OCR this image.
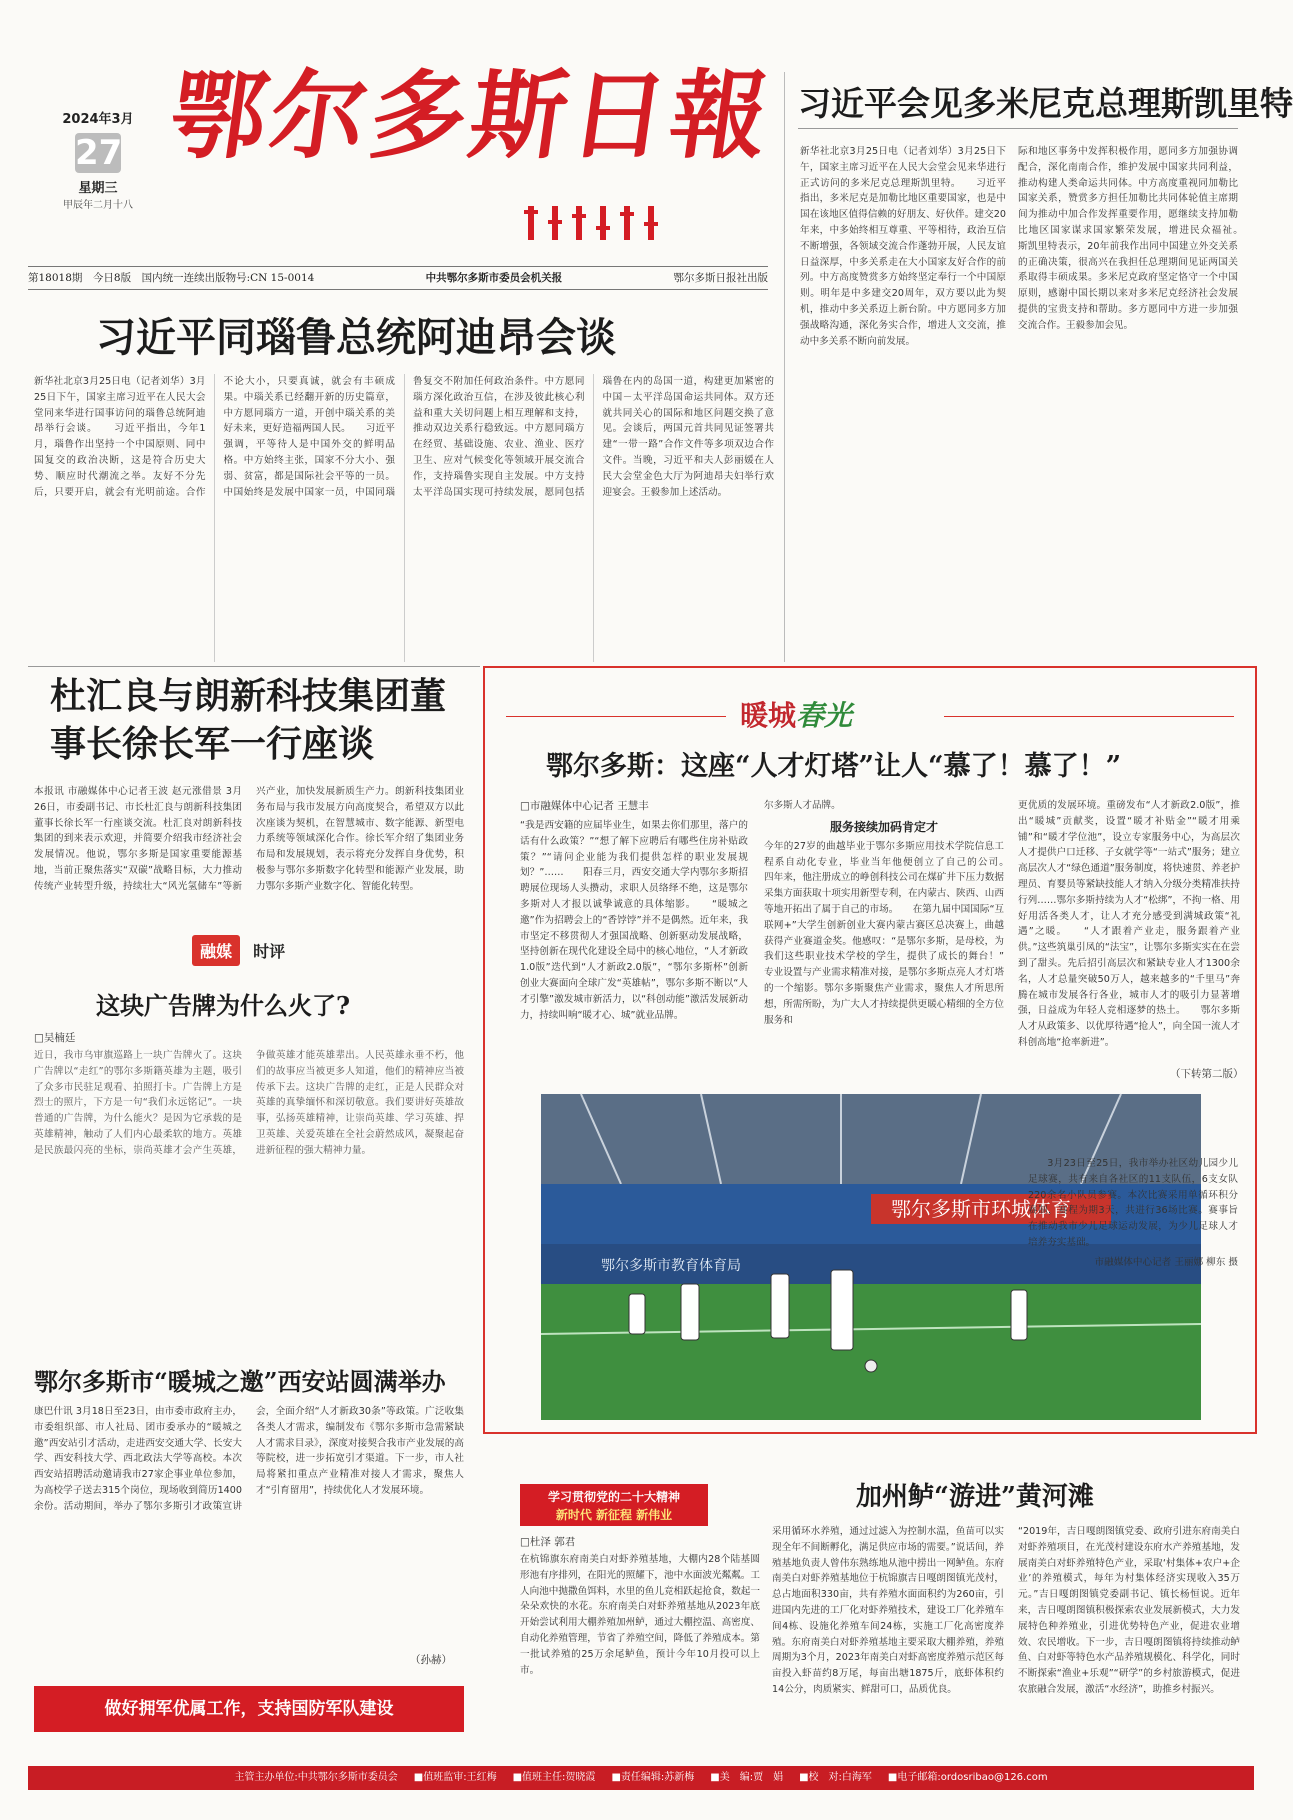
2024年3月
27
星期三
甲辰年二月十八
鄂尔多斯日報
第18018期　今日8版　国内统一连续出版物号:CN 15-0014	中共鄂尔多斯市委员会机关报	鄂尔多斯日报社出版
习近平会见多米尼克总理斯凯里特
新华社北京3月25日电（记者刘华）3月25日下午，国家主席习近平在人民大会堂会见来华进行正式访问的多米尼克总理斯凯里特。　　习近平指出，多米尼克是加勒比地区重要国家，也是中国在该地区值得信赖的好朋友、好伙伴。建交20年来，中多始终相互尊重、平等相待，政治互信不断增强，各领域交流合作蓬勃开展，人民友谊日益深厚，中多关系走在大小国家友好合作的前列。中方高度赞赏多方始终坚定奉行一个中国原则。明年是中多建交20周年，双方要以此为契机，推动中多关系迈上新台阶。中方愿同多方加强战略沟通，深化务实合作，增进人文交流，推动中多关系不断向前发展。
际和地区事务中发挥积极作用，愿同多方加强协调配合，深化南南合作，维护发展中国家共同利益，推动构建人类命运共同体。中方高度重视同加勒比国家关系，赞赏多方担任加勒比共同体轮值主席期间为推动中加合作发挥重要作用，愿继续支持加勒比地区国家谋求国家繁荣发展，增进民众福祉。　　斯凯里特表示，20年前我作出同中国建立外交关系的正确决策，很高兴在我担任总理期间见证两国关系取得丰硕成果。多米尼克政府坚定恪守一个中国原则，感谢中国长期以来对多米尼克经济社会发展提供的宝贵支持和帮助。多方愿同中方进一步加强交流合作。王毅参加会见。
习近平同瑙鲁总统阿迪昂会谈
新华社北京3月25日电（记者刘华）3月25日下午，国家主席习近平在人民大会堂同来华进行国事访问的瑙鲁总统阿迪昂举行会谈。　　习近平指出，今年1月，瑙鲁作出坚持一个中国原则、同中国复交的政治决断，这是符合历史大势、顺应时代潮流之举。友好不分先后，只要开启，就会有光明前途。合作不论大小，只要真诚，就会有丰硕成果。中瑙关系已经翻开新的历史篇章，中方愿同瑙方一道，开创中瑙关系的美好未来，更好造福两国人民。　　习近平强调，平等待人是中国外交的鲜明品格。中方始终主张，国家不分大小、强弱、贫富，都是国际社会平等的一员。中国始终是发展中国家一员，中国同瑙鲁复交不附加任何政治条件。中方愿同瑙方深化政治互信，在涉及彼此核心利益和重大关切问题上相互理解和支持，推动双边关系行稳致远。中方愿同瑙方在经贸、基础设施、农业、渔业、医疗卫生、应对气候变化等领域开展交流合作，支持瑙鲁实现自主发展。中方支持太平洋岛国实现可持续发展，愿同包括瑙鲁在内的岛国一道，构建更加紧密的中国－太平洋岛国命运共同体。双方还就共同关心的国际和地区问题交换了意见。会谈后，两国元首共同见证签署共建“一带一路”合作文件等多项双边合作文件。当晚，习近平和夫人彭丽媛在人民大会堂金色大厅为阿迪昂夫妇举行欢迎宴会。王毅参加上述活动。
杜汇良与朗新科技集团董事长徐长军一行座谈
本报讯 市融媒体中心记者王波 赵元涨借景 3月26日，市委副书记、市长杜汇良与朗新科技集团董事长徐长军一行座谈交流。杜汇良对朗新科技集团的到来表示欢迎，并简要介绍我市经济社会发展情况。他说，鄂尔多斯是国家重要能源基地，当前正聚焦落实“双碳”战略目标，大力推动传统产业转型升级，持续壮大“风光氢储车”等新兴产业，加快发展新质生产力。朗新科技集团业务布局与我市发展方向高度契合，希望双方以此次座谈为契机，在智慧城市、数字能源、新型电力系统等领域深化合作。徐长军介绍了集团业务布局和发展规划，表示将充分发挥自身优势，积极参与鄂尔多斯数字化转型和能源产业发展，助力鄂尔多斯产业数字化、智能化转型。
融媒 时评
这块广告牌为什么火了?
□吴楠廷
近日，我市乌审旗巡路上一块广告牌火了。这块广告牌以“走红”的鄂尔多斯籍英雄为主题，吸引了众多市民驻足观看、拍照打卡。广告牌上方是烈士的照片，下方是一句“我们永远铭记”。一块普通的广告牌，为什么能火？是因为它承载的是英雄精神，触动了人们内心最柔软的地方。英雄是民族最闪亮的坐标，崇尚英雄才会产生英雄，争做英雄才能英雄辈出。人民英雄永垂不朽，他们的故事应当被更多人知道，他们的精神应当被传承下去。这块广告牌的走红，正是人民群众对英雄的真挚缅怀和深切敬意。我们要讲好英雄故事，弘扬英雄精神，让崇尚英雄、学习英雄、捍卫英雄、关爱英雄在全社会蔚然成风，凝聚起奋进新征程的强大精神力量。
鄂尔多斯市“暖城之邀”西安站圆满举办
康巴什讯 3月18日至23日，由市委市政府主办，市委组织部、市人社局、团市委承办的“暖城之邀”西安站引才活动，走进西安交通大学、长安大学、西安科技大学、西北政法大学等高校。本次西安站招聘活动邀请我市27家企事业单位参加，为高校学子送去315个岗位，现场收到简历1400余份。活动期间，举办了鄂尔多斯引才政策宣讲会，全面介绍“人才新政30条”等政策。广泛收集各类人才需求，编制发布《鄂尔多斯市急需紧缺人才需求目录》，深度对接契合我市产业发展的高等院校，进一步拓宽引才渠道。下一步，市人社局将紧扣重点产业精准对接人才需求，聚焦人才“引育留用”，持续优化人才发展环境。
（孙赫）
做好拥军优属工作，支持国防军队建设
暖城春光
鄂尔多斯：这座“人才灯塔”让人“慕了！慕了！”
□市融媒体中心记者 王慧丰
“我是西安籍的应届毕业生，如果去你们那里，落户的话有什么政策？”“想了解下应聘后有哪些住房补贴政策？”“请问企业能为我们提供怎样的职业发展规划？”……　　阳春三月，西安交通大学内鄂尔多斯招聘展位现场人头攒动，求职人员络绎不绝，这是鄂尔多斯对人才报以诚挚诚意的具体缩影。　　“暖城之邀”作为招聘会上的“香饽饽”并不是偶然。近年来，我市坚定不移贯彻人才强国战略、创新驱动发展战略，坚持创新在现代化建设全局中的核心地位，“人才新政1.0版”迭代到“人才新政2.0版”，“鄂尔多斯杯”创新创业大赛面向全球广发“英雄帖”，鄂尔多斯不断以“人才引擎”激发城市新活力，以“科创动能”激活发展新动力，持续叫响“暖才心、城”就业品牌。
尔多斯人才品牌。
服务接续加码肯定才
今年的27岁的曲越毕业于鄂尔多斯应用技术学院信息工程系自动化专业，毕业当年他便创立了自己的公司。　　四年来，他注册成立的峥创科技公司在煤矿井下压力数据采集方面获取十项实用新型专利，在内蒙古、陕西、山西等地开拓出了属于自己的市场。　　在第九届中国国际“互联网+”大学生创新创业大赛内蒙古赛区总决赛上，曲越获得产业赛道金奖。他感叹：“是鄂尔多斯，是母校，为我们这些职业技术学校的学生，提供了成长的舞台！”　　专业设置与产业需求精准对接，是鄂尔多斯点亮人才灯塔的一个缩影。鄂尔多斯聚焦产业需求，聚焦人才所思所想，所需所盼，为广大人才持续提供更暖心精细的全方位服务和
更优质的发展环境。重磅发布“人才新政2.0版”，推出“暖城”贡献奖，设置“暖才补贴金”“暖才用乘铺”和“暖才学位池”，设立专家服务中心，为高层次人才提供户口迁移、子女就学等“一站式”服务；建立高层次人才“绿色通道”服务制度，将快速贯、养老护理员、育婴员等紧缺技能人才纳入分级分类精准扶持行列……鄂尔多斯持续为人才“松绑”，不拘一格、用好用活各类人才，让人才充分感受到满城政策“礼遇”之暖。　　“人才跟着产业走，服务跟着产业供。”这些筑巢引凤的“法宝”，让鄂尔多斯实实在在尝到了甜头。先后招引高层次和紧缺专业人才1300余名，人才总量突破50万人，越来越多的“千里马”奔腾在城市发展各行各业，城市人才的吸引力显著增强，日益成为年轻人竞相逐梦的热土。　　鄂尔多斯人才从政策多、以优厚待遇“抢人”，向全国一流人才科创高地“抢率新进”。
（下转第二版）
鄂尔多斯市环城体育
鄂尔多斯市教育体育局
3月23日至25日，我市举办社区幼儿园少儿足球赛，共有来自各社区的11支队伍，6支女队220余名小队员参赛。本次比赛采用单循环积分赛制，赛程为期3天，共进行36场比赛。赛事旨在推动我市少儿足球运动发展，为少儿足球人才培养夯实基础。
市融媒体中心记者 王丽娜 柳东 摄
学习贯彻党的二十大精神
新时代 新征程 新伟业
加州鲈“游进”黄河滩
□杜泽 郭君
在杭锦旗东府南美白对虾养殖基地，大棚内28个陆基圆形池有序排列，在阳光的照耀下，池中水面波光粼粼。工人向池中抛撒鱼饵料，水里的鱼儿竞相跃起抢食，数起一朵朵欢快的水花。东府南美白对虾养殖基地从2023年底开始尝试利用大棚养殖加州鲈，通过大棚控温、高密度、自动化养殖管理，节省了养殖空间，降低了养殖成本。第一批试养殖的25万余尾鲈鱼，预计今年10月投可以上市。
采用循环水养殖，通过过滤入为控制水温，鱼苗可以实现全年不间断孵化，满足供应市场的需要。”说话间，养殖基地负责人曾伟东熟练地从池中捞出一网鲈鱼。东府南美白对虾养殖基地位于杭锦旗吉日嘎朗图镇光茂村，总占地面积330亩，共有养殖水面面积约为260亩，引进国内先进的工厂化对虾养殖技术，建设工厂化养殖车间4栋、设施化养殖车间24栋，实施工厂化高密度养殖。东府南美白对虾养殖基地主要采取大棚养殖，养殖周期为3个月，2023年南美白对虾高密度养殖示范区每亩投入虾苗约8万尾，每亩出塘1875斤，底虾体积约14公分，肉质紧实、鲜甜可口，品质优良。
“2019年，吉日嘎朗图镇党委、政府引进东府南美白对虾养殖项目，在光茂村建设东府水产养殖基地，发展南美白对虾养殖特色产业，采取‘村集体+农户+企业’的养殖模式，每年为村集体经济实现收入35万元。”吉日嘎朗图镇党委副书记、镇长杨恒说。近年来，吉日嘎朗图镇积极探索农业发展新模式，大力发展特色种养殖业，引进优势特色产业，促进农业增效、农民增收。下一步，吉日嘎朗图镇将持续推动鲈鱼、白对虾等特色水产品养殖规模化、科学化，同时不断探索“渔业+乐观”“研学”的乡村旅游模式，促进农旅融合发展，激活“水经济”，助推乡村振兴。
主管主办单位:中共鄂尔多斯市委员会 ■值班监审:王红梅 ■值班主任:贺晓霞 ■责任编辑:苏新梅 ■美　编:贾　娟 ■校　对:白海军 ■电子邮箱:ordosribao@126.com
